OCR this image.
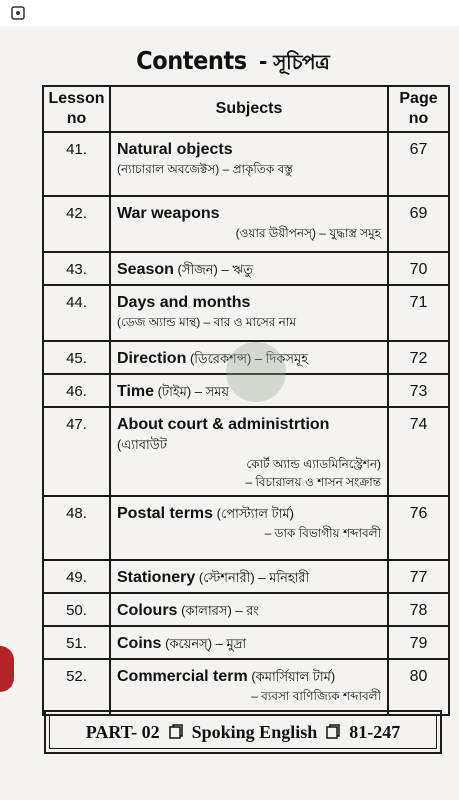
Contents - সূচিপত্র
Lesson no	Subjects	Page no
41.	Natural objects
(ন্যাচারাল অবজেক্টস) – প্রাকৃতিক বস্তু	67
42.	War weapons
(ওয়ার উয়ীপনস্) – যুদ্ধাস্ত্র সমুহ	69
43.	Season (সীজন) – ঋতু	70
44.	Days and months
(ডেজ অ্যান্ড মান্থ) – বার ও মাসের নাম	71
45.	Direction (ডিরেকশন্স) – দিকসমূহ	72
46.	Time (টাইম) – সময়	73
47.	About court & administrtion (এ্যাবাউট
কোর্ট অ্যান্ড এ্যাডমিনিস্ট্রেশন)
– বিচারালয় ও শাসন সংক্রান্ত	74
48.	Postal terms (পোস্ট্যাল টার্ম)
– ডাক বিভাগীয় শব্দাবলী	76
49.	Stationery (স্টেশনারী) – মনিহারী	77
50.	Colours (কালারস) – রং	78
51.	Coins (কয়েনস্) – মুদ্রা	79
52.	Commercial term (কমার্সিয়াল টার্ম)
– ব্যবসা বাণিজ্যিক শব্দাবলী	80
PART- 02 Spoking English 81-247
